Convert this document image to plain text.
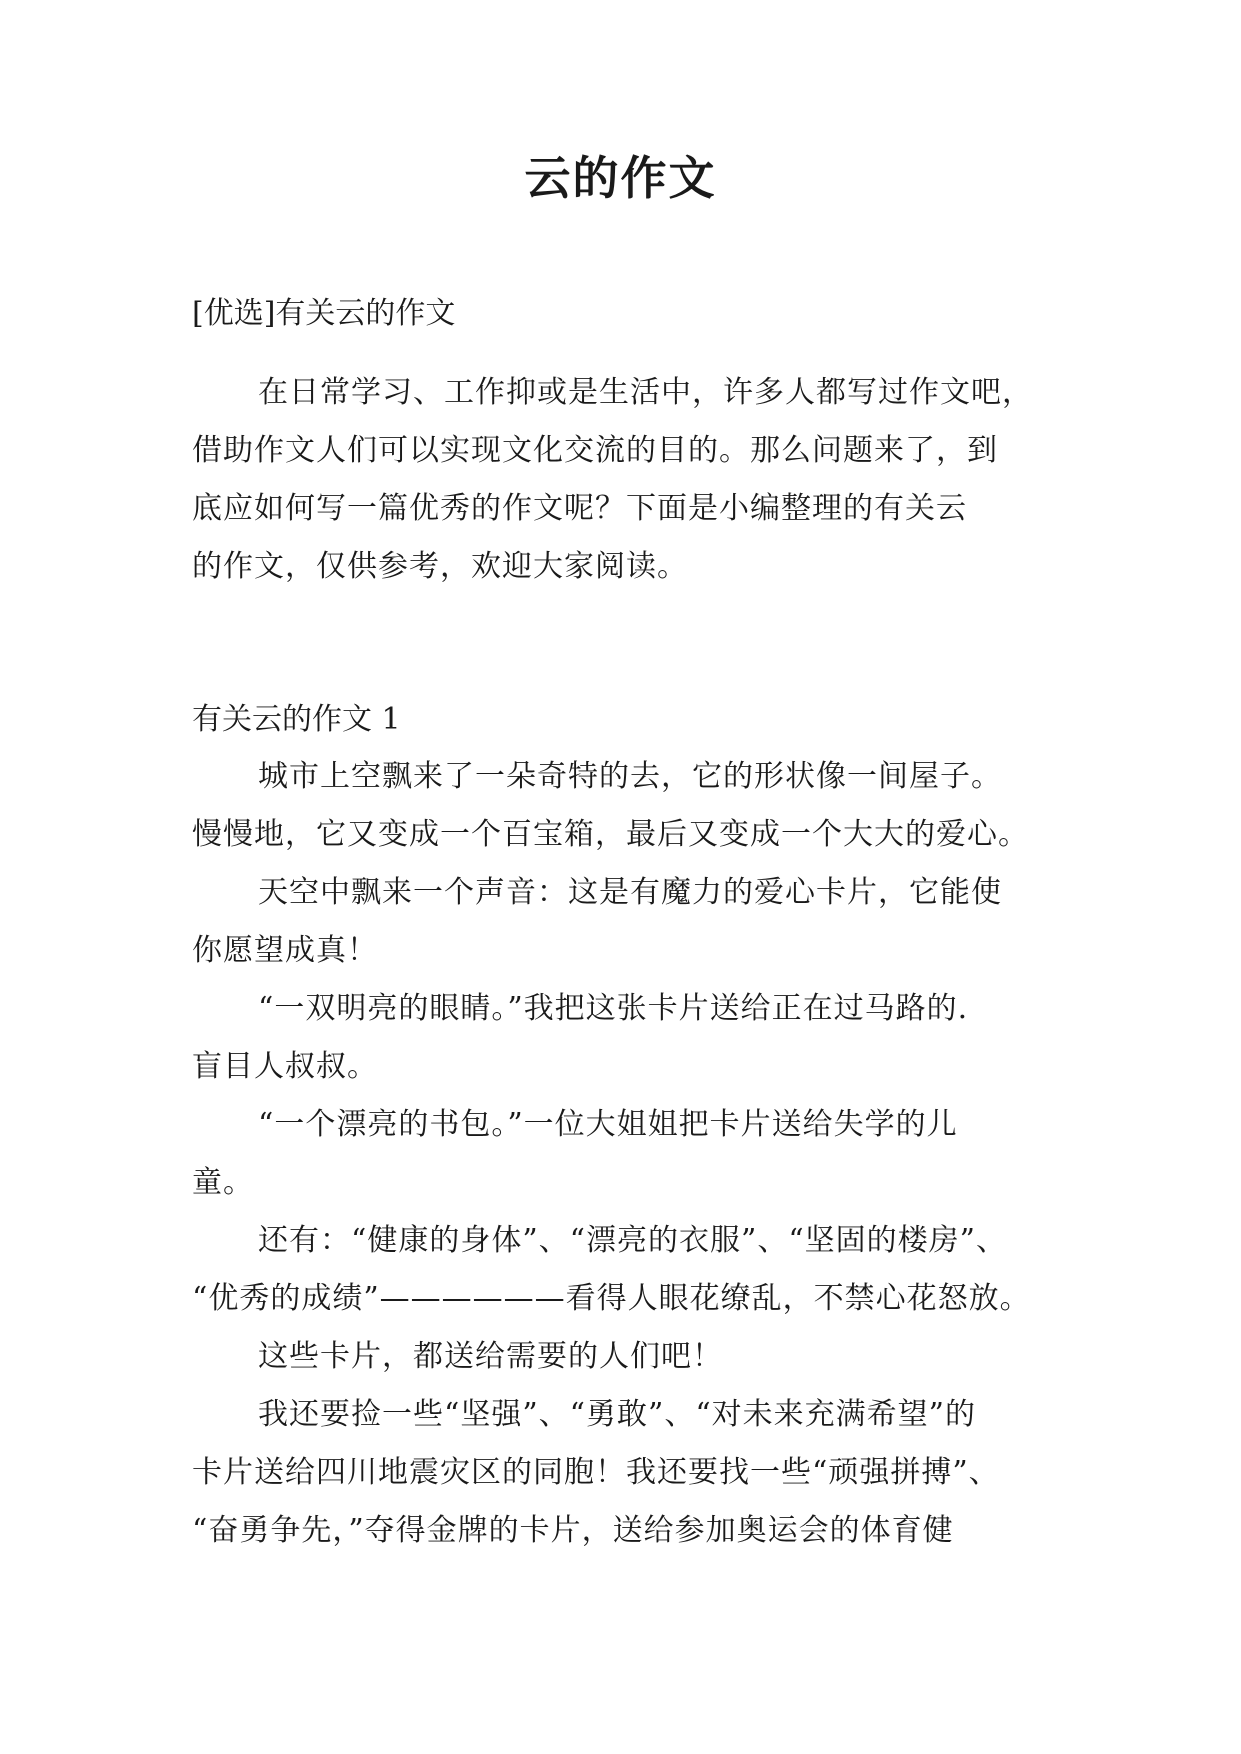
云的作文

[优选]有关云的作文

在日常学习、工作抑或是生活中，许多人都写过作文吧，
借助作文人们可以实现文化交流的目的。那么问题来了，到
底应如何写一篇优秀的作文呢？下面是小编整理的有关云
的作文，仅供参考，欢迎大家阅读。

有关云的作文 1

城市上空飘来了一朵奇特的去，它的形状像一间屋子。
慢慢地，它又变成一个百宝箱，最后又变成一个大大的爱心。
天空中飘来一个声音：这是有魔力的爱心卡片，它能使
你愿望成真！
“一双明亮的眼睛。”我把这张卡片送给正在过马路的.
盲目人叔叔。
“一个漂亮的书包。”一位大姐姐把卡片送给失学的儿
童。
还有：“健康的身体”、“漂亮的衣服”、“坚固的楼房”、
“优秀的成绩”——————看得人眼花缭乱，不禁心花怒放。
这些卡片，都送给需要的人们吧！
我还要捡一些“坚强”、“勇敢”、“对未来充满希望”的
卡片送给四川地震灾区的同胞！我还要找一些“顽强拼搏”、
“奋勇争先，”夺得金牌的卡片，送给参加奥运会的体育健
